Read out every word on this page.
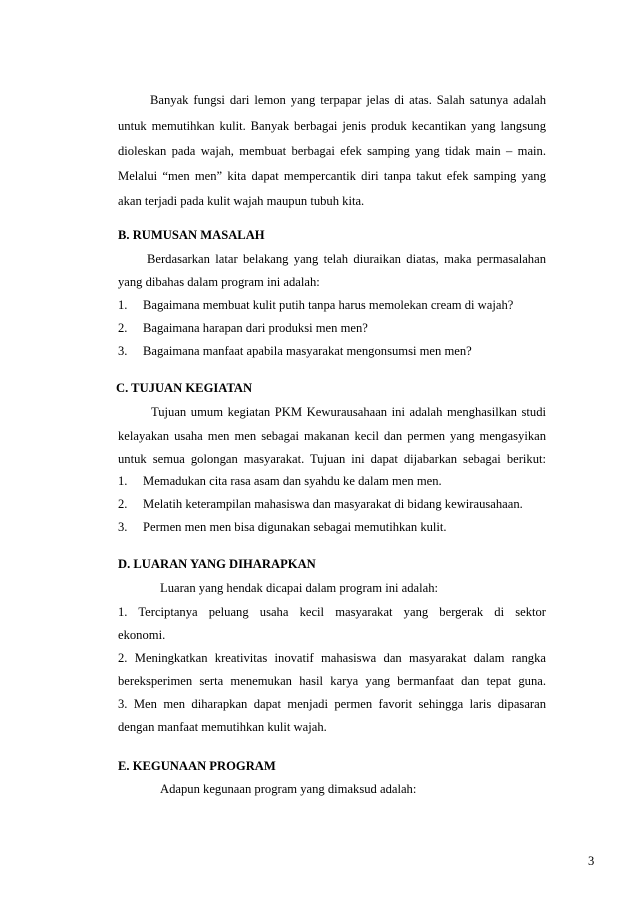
Banyak fungsi dari lemon yang terpapar jelas di atas. Salah satunya adalah
untuk memutihkan kulit. Banyak berbagai jenis produk kecantikan yang langsung
dioleskan pada wajah, membuat berbagai efek samping yang tidak main – main.
Melalui “men men” kita dapat mempercantik diri tanpa takut efek samping yang
akan terjadi pada kulit wajah maupun tubuh kita.
B. RUMUSAN MASALAH
Berdasarkan latar belakang yang telah diuraikan diatas, maka permasalahan
yang dibahas dalam program ini adalah:
1. Bagaimana membuat kulit putih tanpa harus memolekan cream di wajah?
2. Bagaimana harapan dari produksi men men?
3. Bagaimana manfaat apabila masyarakat mengonsumsi men men?
C. TUJUAN KEGIATAN
Tujuan umum kegiatan PKM Kewurausahaan ini adalah menghasilkan studi
kelayakan usaha men men sebagai makanan kecil dan permen yang mengasyikan
untuk semua golongan masyarakat. Tujuan ini dapat dijabarkan sebagai berikut:
1. Memadukan cita rasa asam dan syahdu ke dalam men men.
2. Melatih keterampilan mahasiswa dan masyarakat di bidang kewirausahaan.
3. Permen men men bisa digunakan sebagai memutihkan kulit.
D. LUARAN YANG DIHARAPKAN
Luaran yang hendak dicapai dalam program ini adalah:
1. Terciptanya peluang usaha kecil masyarakat yang bergerak di sektor
ekonomi.
2. Meningkatkan kreativitas inovatif mahasiswa dan masyarakat dalam rangka
bereksperimen serta menemukan hasil karya yang bermanfaat dan tepat guna.
3. Men men diharapkan dapat menjadi permen favorit sehingga laris dipasaran
dengan manfaat memutihkan kulit wajah.
E. KEGUNAAN PROGRAM
Adapun kegunaan program yang dimaksud adalah:
3
